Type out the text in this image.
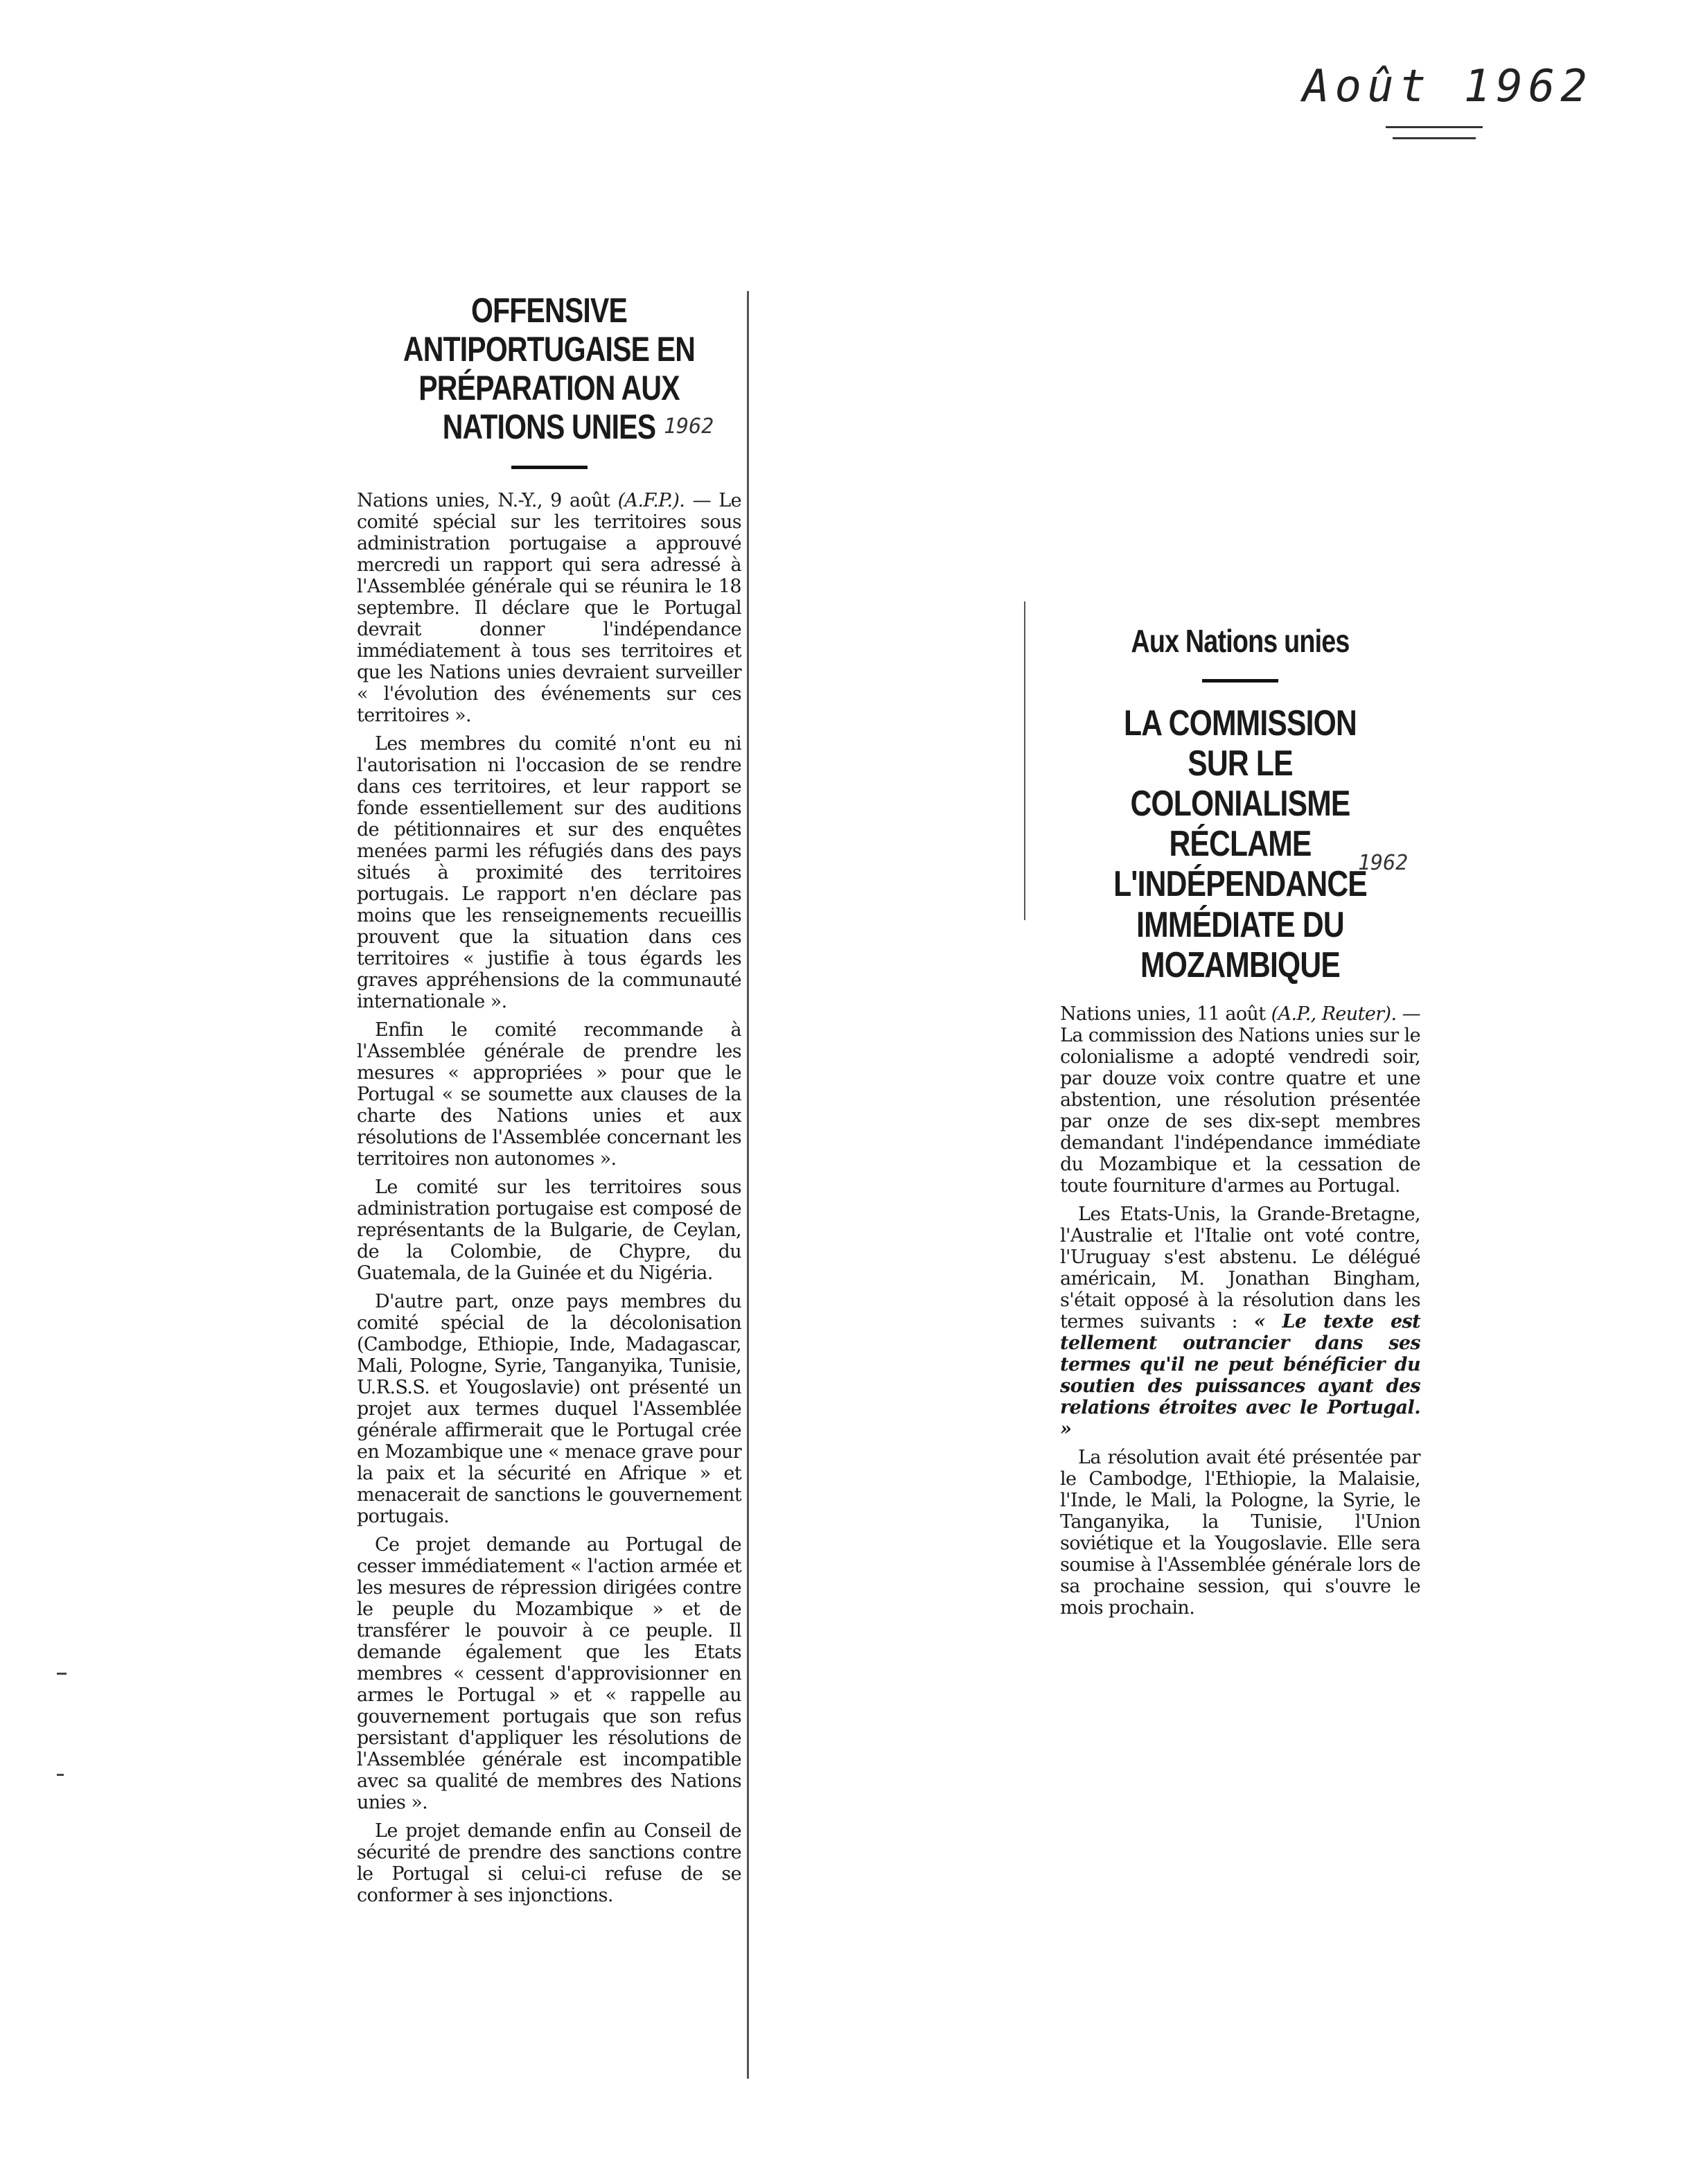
Août 1962
OFFENSIVE ANTIPORTUGAISE EN PRÉPARATION AUX NATIONS UNIES

Nations unies, N.-Y., 9 août (A.F.P.). — Le comité spécial sur les territoires sous administration portugaise a approuvé mercredi un rapport qui sera adressé à l'Assemblée générale qui se réunira le 18 septembre. Il déclare que le Portugal devrait donner l'indépendance immédiatement à tous ses territoires et que les Nations unies devraient surveiller « l'évolution des événements sur ces territoires ».

Les membres du comité n'ont eu ni l'autorisation ni l'occasion de se rendre dans ces territoires, et leur rapport se fonde essentiellement sur des auditions de pétitionnaires et sur des enquêtes menées parmi les réfugiés dans des pays situés à proximité des territoires portugais. Le rapport n'en déclare pas moins que les renseignements recueillis prouvent que la situation dans ces territoires « justifie à tous égards les graves appréhensions de la communauté internationale ».

Enfin le comité recommande à l'Assemblée générale de prendre les mesures « appropriées » pour que le Portugal « se soumette aux clauses de la charte des Nations unies et aux résolutions de l'Assemblée concernant les territoires non autonomes ».

Le comité sur les territoires sous administration portugaise est composé de représentants de la Bulgarie, de Ceylan, de la Colombie, de Chypre, du Guatemala, de la Guinée et du Nigéria.

D'autre part, onze pays membres du comité spécial de la décolonisation (Cambodge, Ethiopie, Inde, Madagascar, Mali, Pologne, Syrie, Tanganyika, Tunisie, U.R.S.S. et Yougoslavie) ont présenté un projet aux termes duquel l'Assemblée générale affirmerait que le Portugal crée en Mozambique une « menace grave pour la paix et la sécurité en Afrique » et menacerait de sanctions le gouvernement portugais.

Ce projet demande au Portugal de cesser immédiatement « l'action armée et les mesures de répression dirigées contre le peuple du Mozambique » et de transférer le pouvoir à ce peuple. Il demande également que les Etats membres « cessent d'approvisionner en armes le Portugal » et « rappelle au gouvernement portugais que son refus persistant d'appliquer les résolutions de l'Assemblée générale est incompatible avec sa qualité de membres des Nations unies ».

Le projet demande enfin au Conseil de sécurité de prendre des sanctions contre le Portugal si celui-ci refuse de se conformer à ses injonctions.

1962
Aux Nations unies
LA COMMISSION SUR LE COLONIALISME RÉCLAME L'INDÉPENDANCE IMMÉDIATE DU MOZAMBIQUE

Nations unies, 11 août (A.P., Reuter). — La commission des Nations unies sur le colonialisme a adopté vendredi soir, par douze voix contre quatre et une abstention, une résolution présentée par onze de ses dix-sept membres demandant l'indépendance immédiate du Mozambique et la cessation de toute fourniture d'armes au Portugal.

Les Etats-Unis, la Grande-Bretagne, l'Australie et l'Italie ont voté contre, l'Uruguay s'est abstenu. Le délégué américain, M. Jonathan Bingham, s'était opposé à la résolution dans les termes suivants : « Le texte est tellement outrancier dans ses termes qu'il ne peut bénéficier du soutien des puissances ayant des relations étroites avec le Portugal. »

La résolution avait été présentée par le Cambodge, l'Ethiopie, la Malaisie, l'Inde, le Mali, la Pologne, la Syrie, le Tanganyika, la Tunisie, l'Union soviétique et la Yougoslavie. Elle sera soumise à l'Assemblée générale lors de sa prochaine session, qui s'ouvre le mois prochain.

1962
